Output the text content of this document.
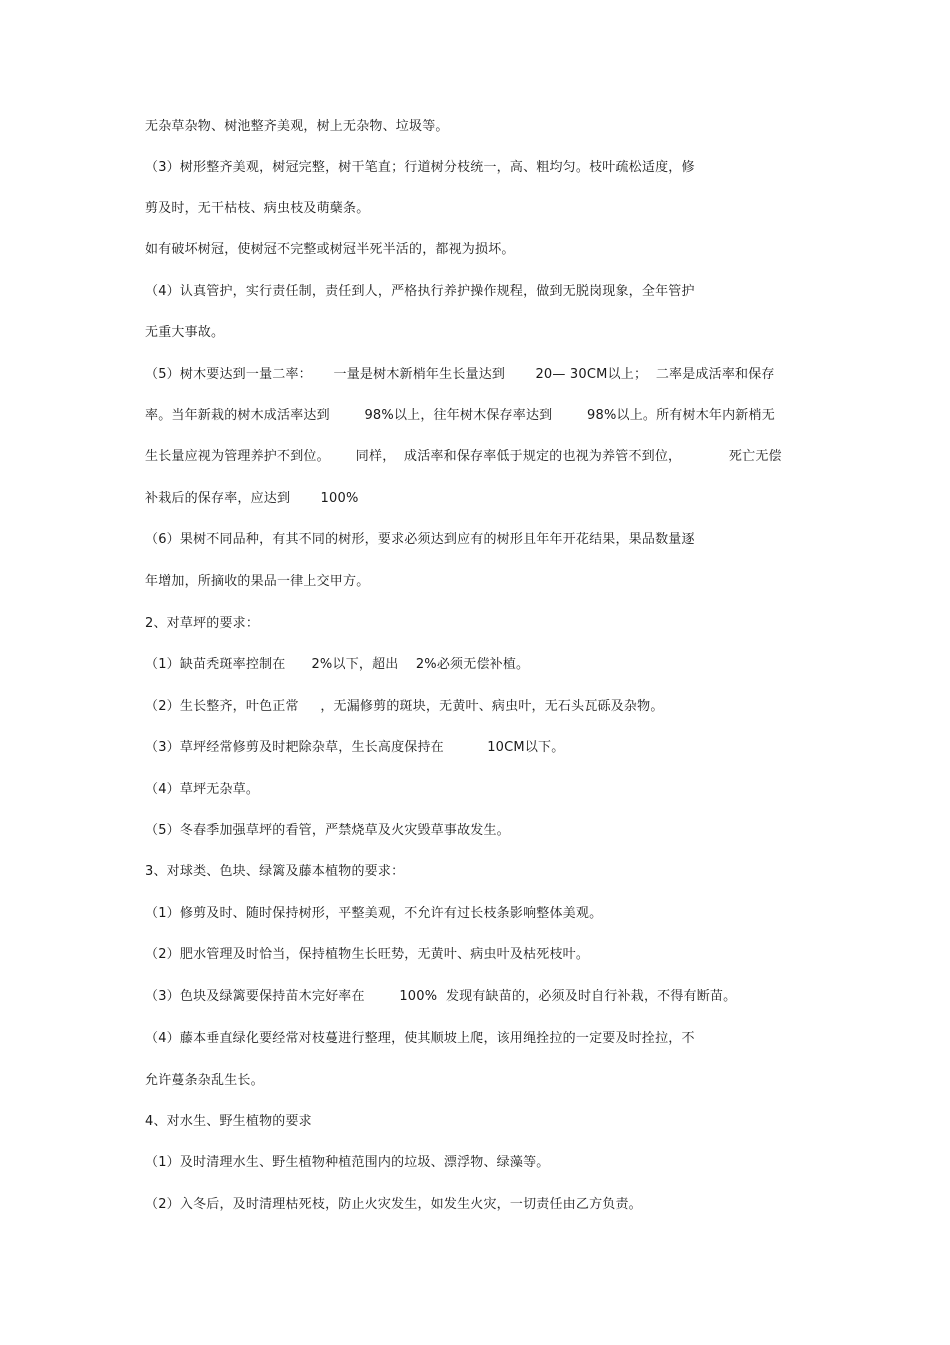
无杂草杂物、树池整齐美观，树上无杂物、垃圾等。
（3）树形整齐美观，树冠完整，树干笔直；行道树分枝统一，高、粗均匀。枝叶疏松适度，修
剪及时，无干枯枝、病虫枝及萌蘖条。
如有破坏树冠，使树冠不完整或树冠半死半活的，都视为损坏。
（4）认真管护，实行责任制，责任到人，严格执行养护操作规程，做到无脱岗现象，全年管护
无重大事故。
（5）树木要达到一量二率：     一量是树木新梢年生长量达到       20— 30CM以上；  二率是成活率和保存
率。当年新栽的树木成活率达到        98%以上，往年树木保存率达到        98%以上。所有树木年内新梢无
生长量应视为管理养护不到位。      同样，  成活率和保存率低于规定的也视为养管不到位，           死亡无偿
补栽后的保存率，应达到       100%
（6）果树不同品种，有其不同的树形，要求必须达到应有的树形且年年开花结果，果品数量逐
年增加，所摘收的果品一律上交甲方。
2、对草坪的要求：
（1）缺苗秃斑率控制在      2%以下，超出    2%必须无偿补植。
（2）生长整齐，叶色正常     ，无漏修剪的斑块，无黄叶、病虫叶，无石头瓦砾及杂物。
（3）草坪经常修剪及时耙除杂草，生长高度保持在          10CM以下。
（4）草坪无杂草。
（5）冬春季加强草坪的看管，严禁烧草及火灾毁草事故发生。
3、对球类、色块、绿篱及藤本植物的要求：
（1）修剪及时、随时保持树形，平整美观，不允许有过长枝条影响整体美观。
（2）肥水管理及时恰当，保持植物生长旺势，无黄叶、病虫叶及枯死枝叶。
（3）色块及绿篱要保持苗木完好率在        100%  发现有缺苗的，必须及时自行补栽，不得有断苗。
（4）藤本垂直绿化要经常对枝蔓进行整理，使其顺坡上爬，该用绳拴拉的一定要及时拴拉，不
允许蔓条杂乱生长。
4、对水生、野生植物的要求
（1）及时清理水生、野生植物种植范围内的垃圾、漂浮物、绿藻等。
（2）入冬后，及时清理枯死枝，防止火灾发生，如发生火灾，一切责任由乙方负责。
